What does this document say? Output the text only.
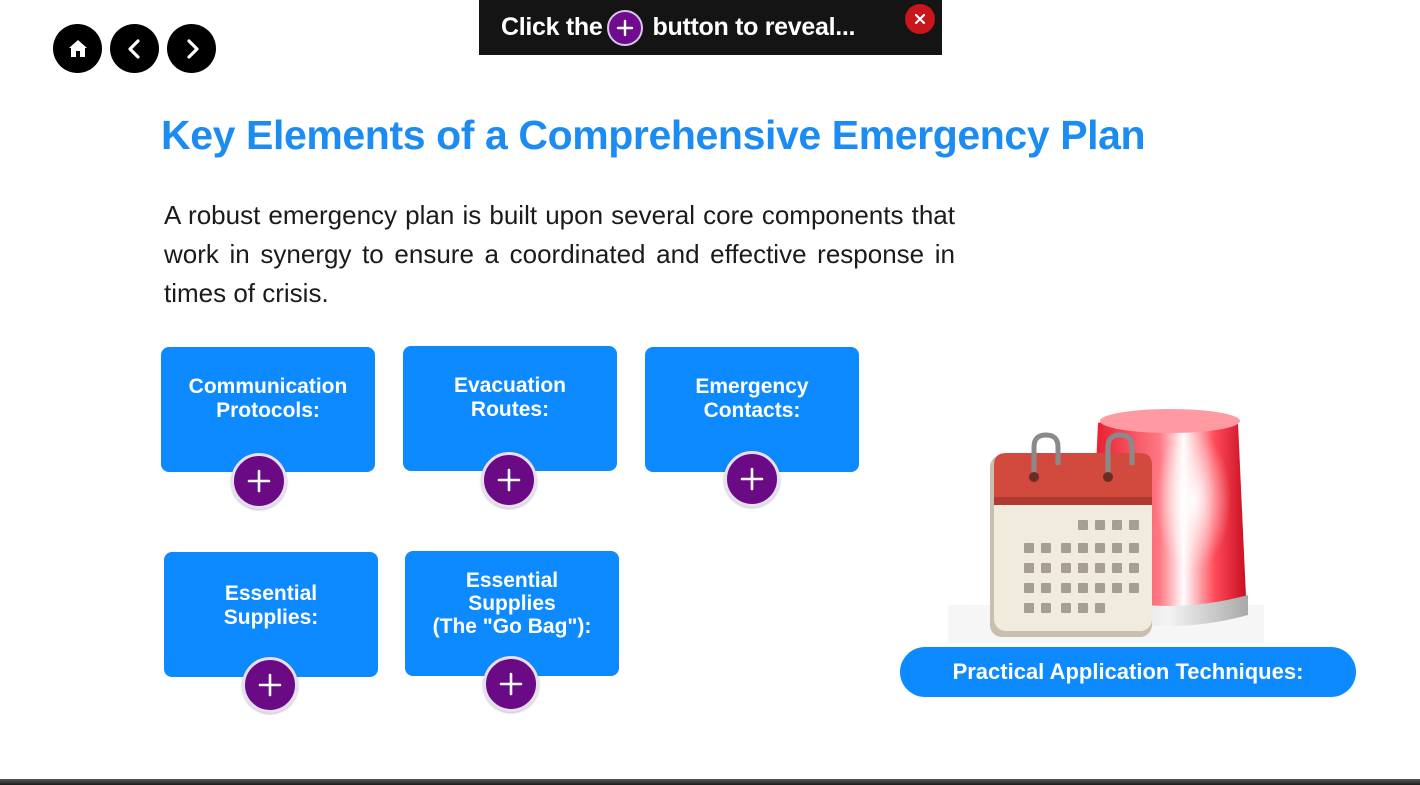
Click the button to reveal...
Key Elements of a Comprehensive Emergency Plan

A robust emergency plan is built upon several core components that work in synergy to ensure a coordinated and effective response in times of crisis.

Communication
Protocols:
Evacuation
Routes:
Emergency
Contacts:
Essential
Supplies:
Essential
Supplies
(The "Go Bag"):
Practical Application Techniques:
